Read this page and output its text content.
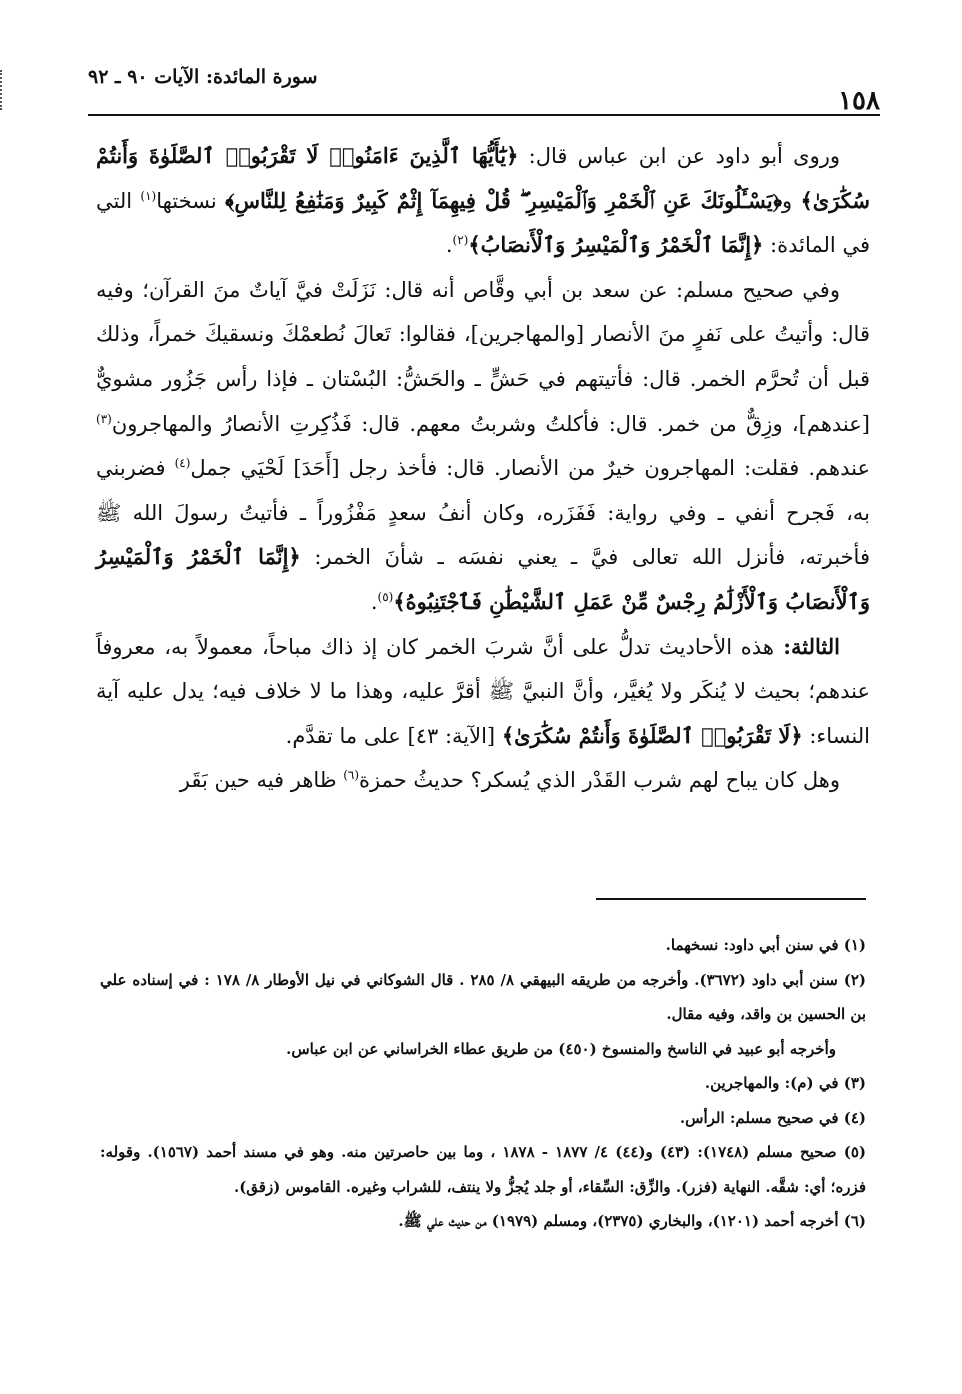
١٥٨
سورة المائدة: الآيات ٩٠ ـ ٩٢

وروى أبو داود عن ابن عباس قال: ﴿يَٰٓأَيُّهَا ٱلَّذِينَ ءَامَنُوا۟ لَا تَقْرَبُوا۟ ٱلصَّلَوٰةَ وَأَنتُمْ سُكَٰرَىٰ﴾ و﴿يَسْـَٔلُونَكَ عَنِ ٱلْخَمْرِ وَٱلْمَيْسِرِ ۖ قُلْ فِيهِمَآ إِثْمٌ كَبِيرٌ وَمَنَٰفِعُ لِلنَّاسِ﴾ نسختها$^{(١)}$ التي في المائدة: ﴿إِنَّمَا ٱلْخَمْرُ وَٱلْمَيْسِرُ وَٱلْأَنصَابُ﴾$^{(٢)}$.

وفي صحيح مسلم: عن سعد بن أبي وقَّاص أنه قال: نَزَلَتْ فيَّ آياتٌ منَ القرآن؛ وفيه قال: وأتيتُ على نَفرٍ منَ الأنصار [والمهاجرين]، فقالوا: تَعالَ نُطعمْكَ ونسقيكَ خمراً، وذلك قبل أن تُحرَّم الخمر. قال: فأتيتهم في حَشٍّ ـ والحَشُّ: البُسْتان ـ فإذا رأس جَزُور مشويٌّ [عندهم]، وزِقٌّ من خمر. قال: فأكلتُ وشربتُ معهم. قال: فَذُكِرتِ الأنصارُ والمهاجرون$^{(٣)}$ عندهم. فقلت: المهاجرون خيرٌ من الأنصار. قال: فأخذ رجل [أَحَدَ] لَحْيَي جمل$^{(٤)}$ فضربني به، فَجرح أنفي ـ وفي رواية: فَفَزَره، وكان أنفُ سعدٍ مَفْزُوراً ـ فأتيتُ رسولَ الله ﷺ فأخبرته، فأنزل الله تعالى فيَّ ـ يعني نفسَه ـ شأنَ الخمر: ﴿إِنَّمَا ٱلْخَمْرُ وَٱلْمَيْسِرُ وَٱلْأَنصَابُ وَٱلْأَزْلَٰمُ رِجْسٌ مِّنْ عَمَلِ ٱلشَّيْطَٰنِ فَٱجْتَنِبُوهُ﴾$^{(٥)}$.

الثالثة: هذه الأحاديث تدلُّ على أنَّ شربَ الخمر كان إذ ذاك مباحاً، معمولاً به، معروفاً عندهم؛ بحيث لا يُنكَر ولا يُغيَّر، وأنَّ النبيَّ ﷺ أقرَّ عليه، وهذا ما لا خلاف فيه؛ يدل عليه آية النساء: ﴿لَا تَقْرَبُوا۟ ٱلصَّلَوٰةَ وَأَنتُمْ سُكَٰرَىٰ﴾ [الآية: ٤٣] على ما تقدَّم.

وهل كان يباح لهم شرب القَدْر الذي يُسكر؟ حديثُ حمزة$^{(٦)}$ ظاهر فيه حين بَقَر

(١) في سنن أبي داود: نسخهما.

(٢) سنن أبي داود (٣٦٧٢). وأخرجه من طريقه البيهقي ٨/ ٢٨٥ . قال الشوكاني في نيل الأوطار ٨/ ١٧٨ : في إسناده علي بن الحسين بن واقد، وفيه مقال.

وأخرجه أبو عبيد في الناسخ والمنسوخ (٤٥٠) من طريق عطاء الخراساني عن ابن عباس.

(٣) في (م): والمهاجرين.

(٤) في صحيح مسلم: الرأس.

(٥) صحيح مسلم (١٧٤٨): (٤٣) و(٤٤) ٤/ ١٨٧٧ - ١٨٧٨ ، وما بين حاصرتين منه. وهو في مسند أحمد (١٥٦٧). وقوله: فزره؛ أي: شقَّه. النهاية (فزر). والزِّق: السِّقاء، أو جلد يُجزُّ ولا ينتف، للشراب وغيره. القاموس (زقق).

(٦) أخرجه أحمد (١٢٠١)، والبخاري (٢٣٧٥)، ومسلم (١٩٧٩) من حديث علي ﷺ.
